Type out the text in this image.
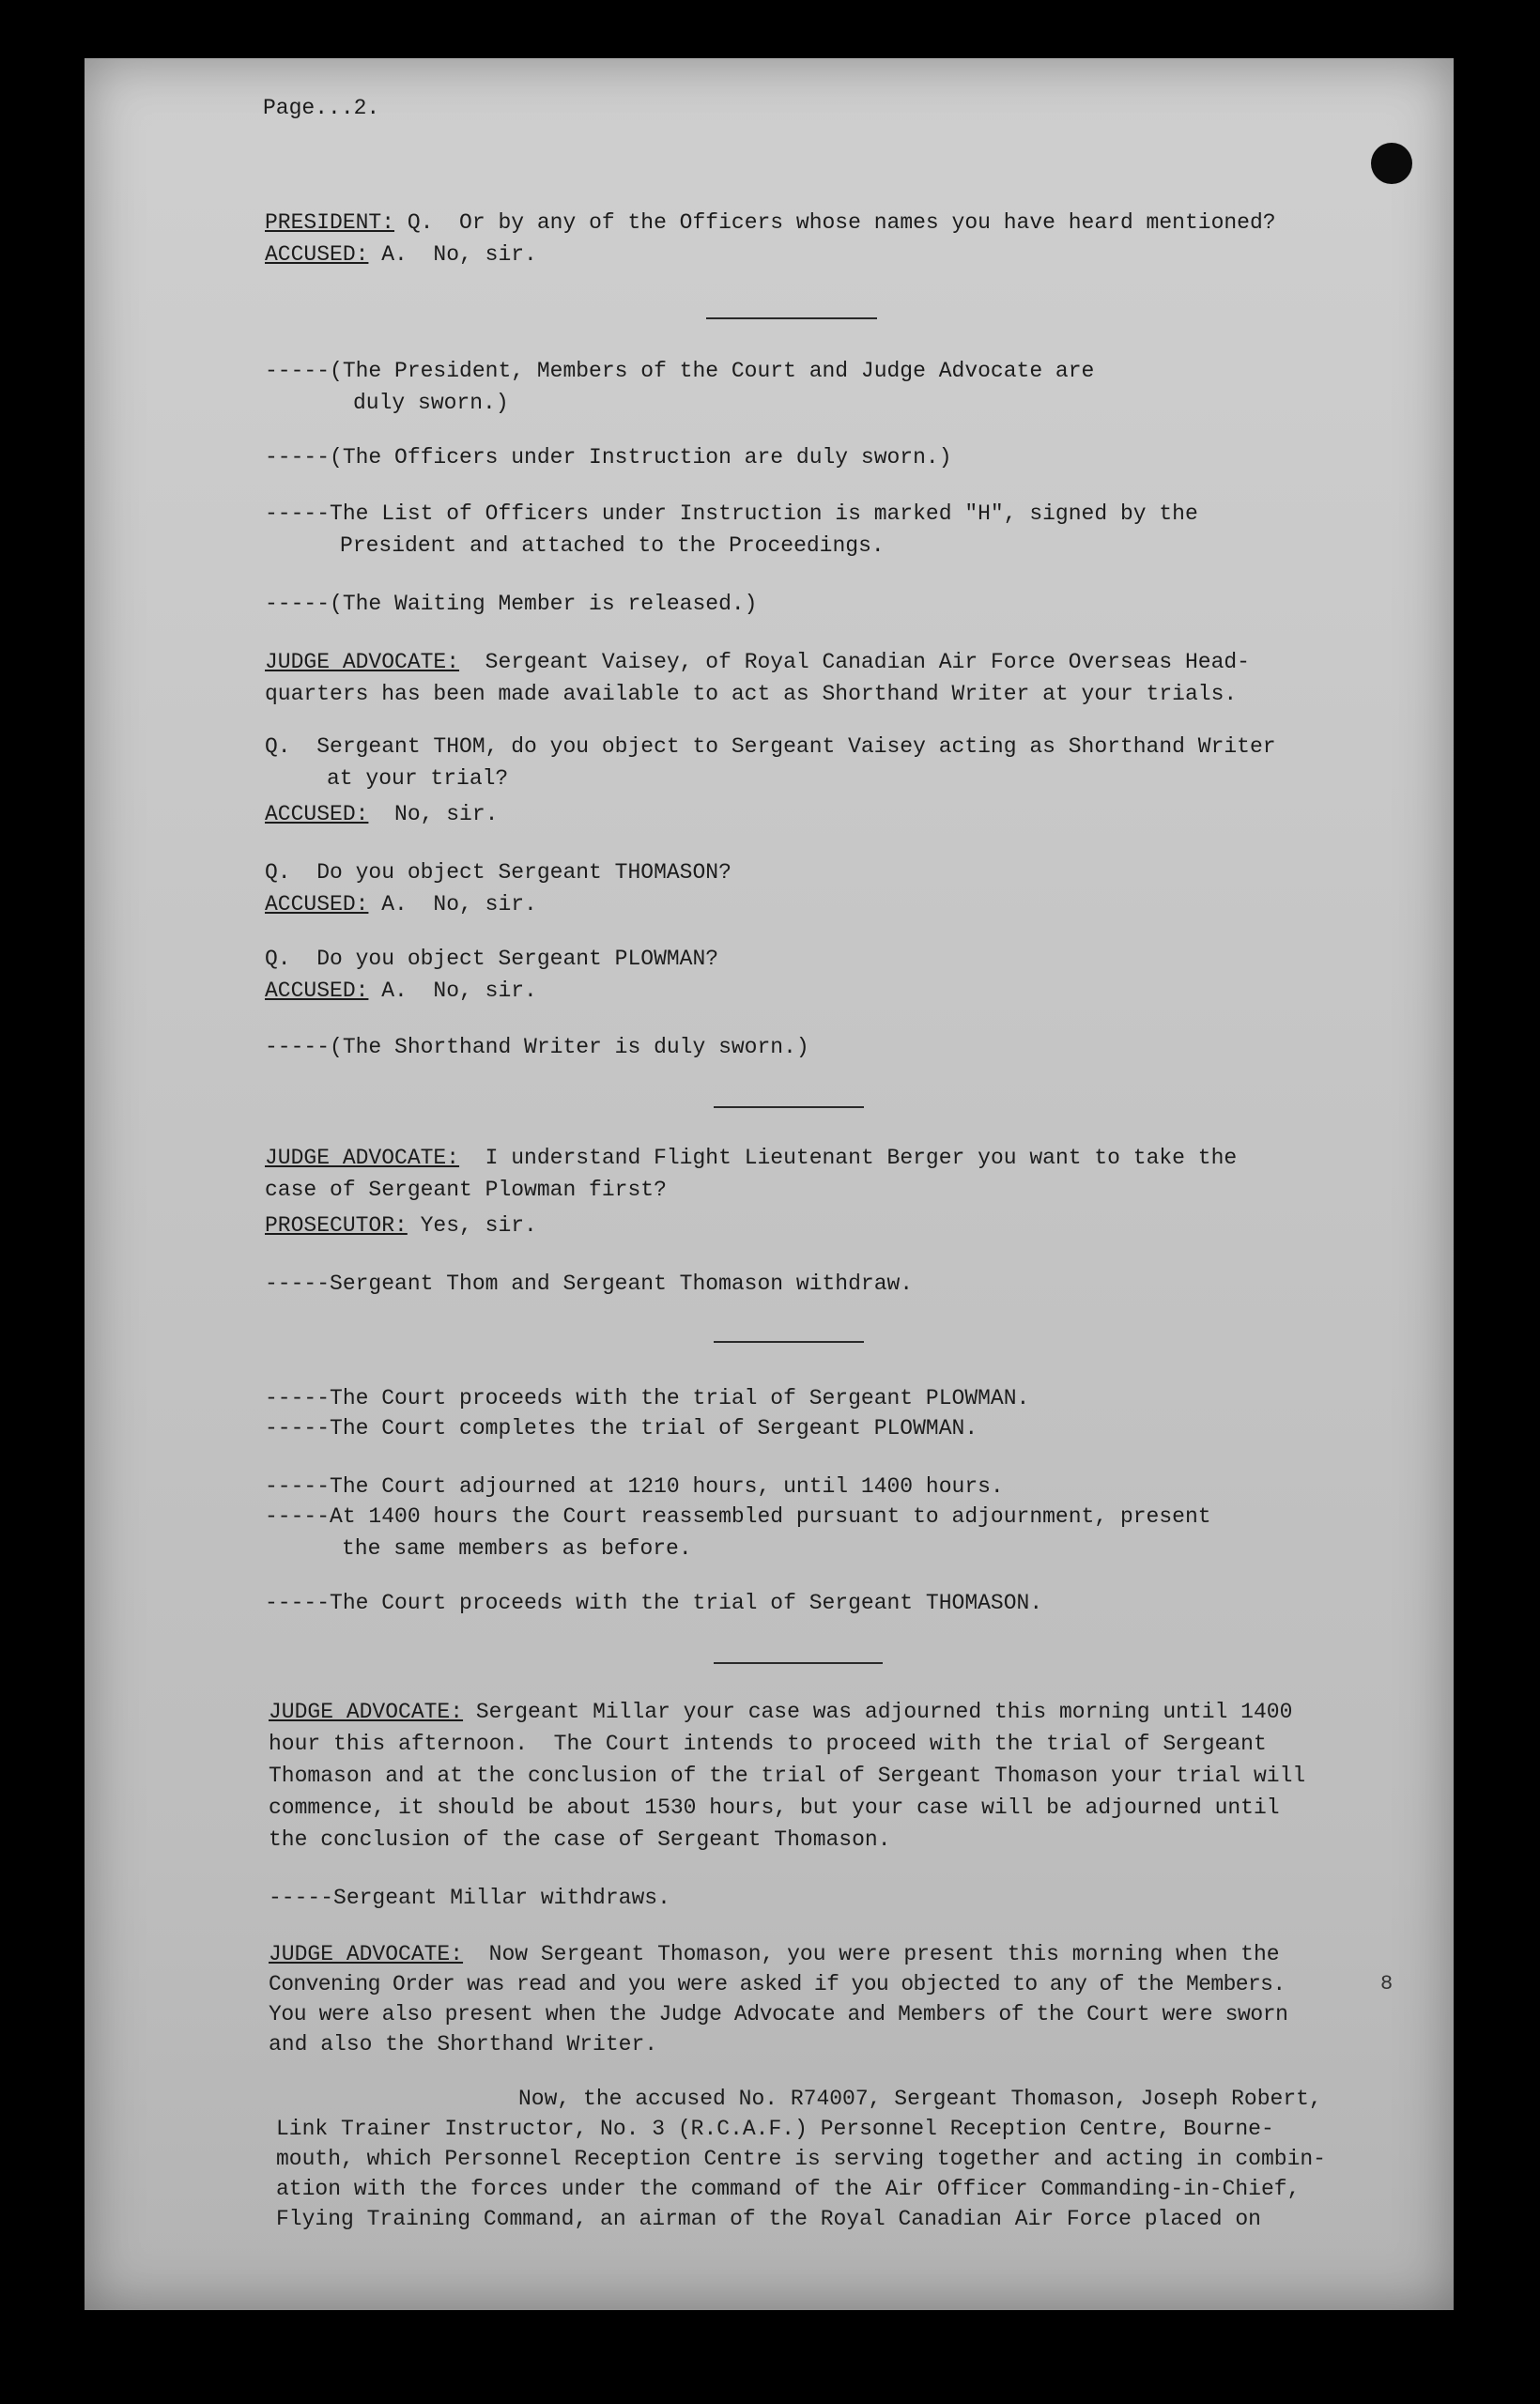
Page...2.
8
PRESIDENT: Q.  Or by any of the Officers whose names you have heard mentioned?
ACCUSED: A.  No, sir.
-----(The President, Members of the Court and Judge Advocate are
duly sworn.)
-----(The Officers under Instruction are duly sworn.)
-----The List of Officers under Instruction is marked "H", signed by the
President and attached to the Proceedings.
-----(The Waiting Member is released.)
JUDGE ADVOCATE:  Sergeant Vaisey, of Royal Canadian Air Force Overseas Head-
quarters has been made available to act as Shorthand Writer at your trials.
Q.  Sergeant THOM, do you object to Sergeant Vaisey acting as Shorthand Writer
at your trial?
ACCUSED:  No, sir.
Q.  Do you object Sergeant THOMASON?
ACCUSED: A.  No, sir.
Q.  Do you object Sergeant PLOWMAN?
ACCUSED: A.  No, sir.
-----(The Shorthand Writer is duly sworn.)
JUDGE ADVOCATE:  I understand Flight Lieutenant Berger you want to take the
case of Sergeant Plowman first?
PROSECUTOR: Yes, sir.
-----Sergeant Thom and Sergeant Thomason withdraw.
-----The Court proceeds with the trial of Sergeant PLOWMAN.
-----The Court completes the trial of Sergeant PLOWMAN.
-----The Court adjourned at 1210 hours, until 1400 hours.
-----At 1400 hours the Court reassembled pursuant to adjournment, present
the same members as before.
-----The Court proceeds with the trial of Sergeant THOMASON.
JUDGE ADVOCATE: Sergeant Millar your case was adjourned this morning until 1400
hour this afternoon.  The Court intends to proceed with the trial of Sergeant
Thomason and at the conclusion of the trial of Sergeant Thomason your trial will
commence, it should be about 1530 hours, but your case will be adjourned until
the conclusion of the case of Sergeant Thomason.
-----Sergeant Millar withdraws.
JUDGE ADVOCATE:  Now Sergeant Thomason, you were present this morning when the
Convening Order was read and you were asked if you objected to any of the Members.
You were also present when the Judge Advocate and Members of the Court were sworn
and also the Shorthand Writer.
Now, the accused No. R74007, Sergeant Thomason, Joseph Robert,
Link Trainer Instructor, No. 3 (R.C.A.F.) Personnel Reception Centre, Bourne-
mouth, which Personnel Reception Centre is serving together and acting in combin-
ation with the forces under the command of the Air Officer Commanding-in-Chief,
Flying Training Command, an airman of the Royal Canadian Air Force placed on
